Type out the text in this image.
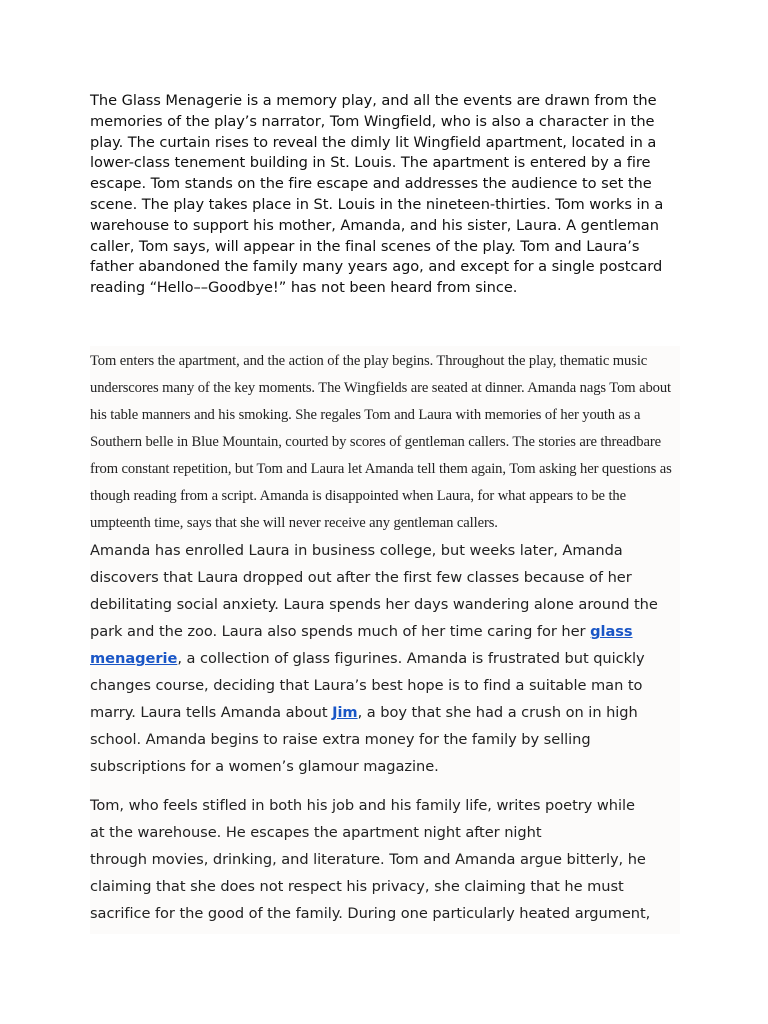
The Glass Menagerie is a memory play, and all the events are drawn from the memories of the play’s narrator, Tom Wingfield, who is also a character in the play. The curtain rises to reveal the dimly lit Wingfield apartment, located in a lower-class tenement building in St. Louis. The apartment is entered by a fire escape. Tom stands on the fire escape and addresses the audience to set the scene. The play takes place in St. Louis in the nineteen-thirties. Tom works in a warehouse to support his mother, Amanda, and his sister, Laura. A gentleman caller, Tom says, will appear in the final scenes of the play. Tom and Laura’s father abandoned the family many years ago, and except for a single postcard reading “Hello––Goodbye!” has not been heard from since.

Tom enters the apartment, and the action of the play begins. Throughout the play, thematic music underscores many of the key moments. The Wingfields are seated at dinner. Amanda nags Tom about his table manners and his smoking. She regales Tom and Laura with memories of her youth as a Southern belle in Blue Mountain, courted by scores of gentleman callers. The stories are threadbare from constant repetition, but Tom and Laura let Amanda tell them again, Tom asking her questions as though reading from a script. Amanda is disappointed when Laura, for what appears to be the umpteenth time, says that she will never receive any gentleman callers.

Amanda has enrolled Laura in business college, but weeks later, Amanda discovers that Laura dropped out after the first few classes because of her debilitating social anxiety. Laura spends her days wandering alone around the park and the zoo. Laura also spends much of her time caring for her glass menagerie, a collection of glass figurines. Amanda is frustrated but quickly changes course, deciding that Laura’s best hope is to find a suitable man to marry. Laura tells Amanda about Jim, a boy that she had a crush on in high school. Amanda begins to raise extra money for the family by selling subscriptions for a women’s glamour magazine.

Tom, who feels stifled in both his job and his family life, writes poetry while
at the warehouse. He escapes the apartment night after night
through movies, drinking, and literature. Tom and Amanda argue bitterly, he
claiming that she does not respect his privacy, she claiming that he must
sacrifice for the good of the family. During one particularly heated argument,
